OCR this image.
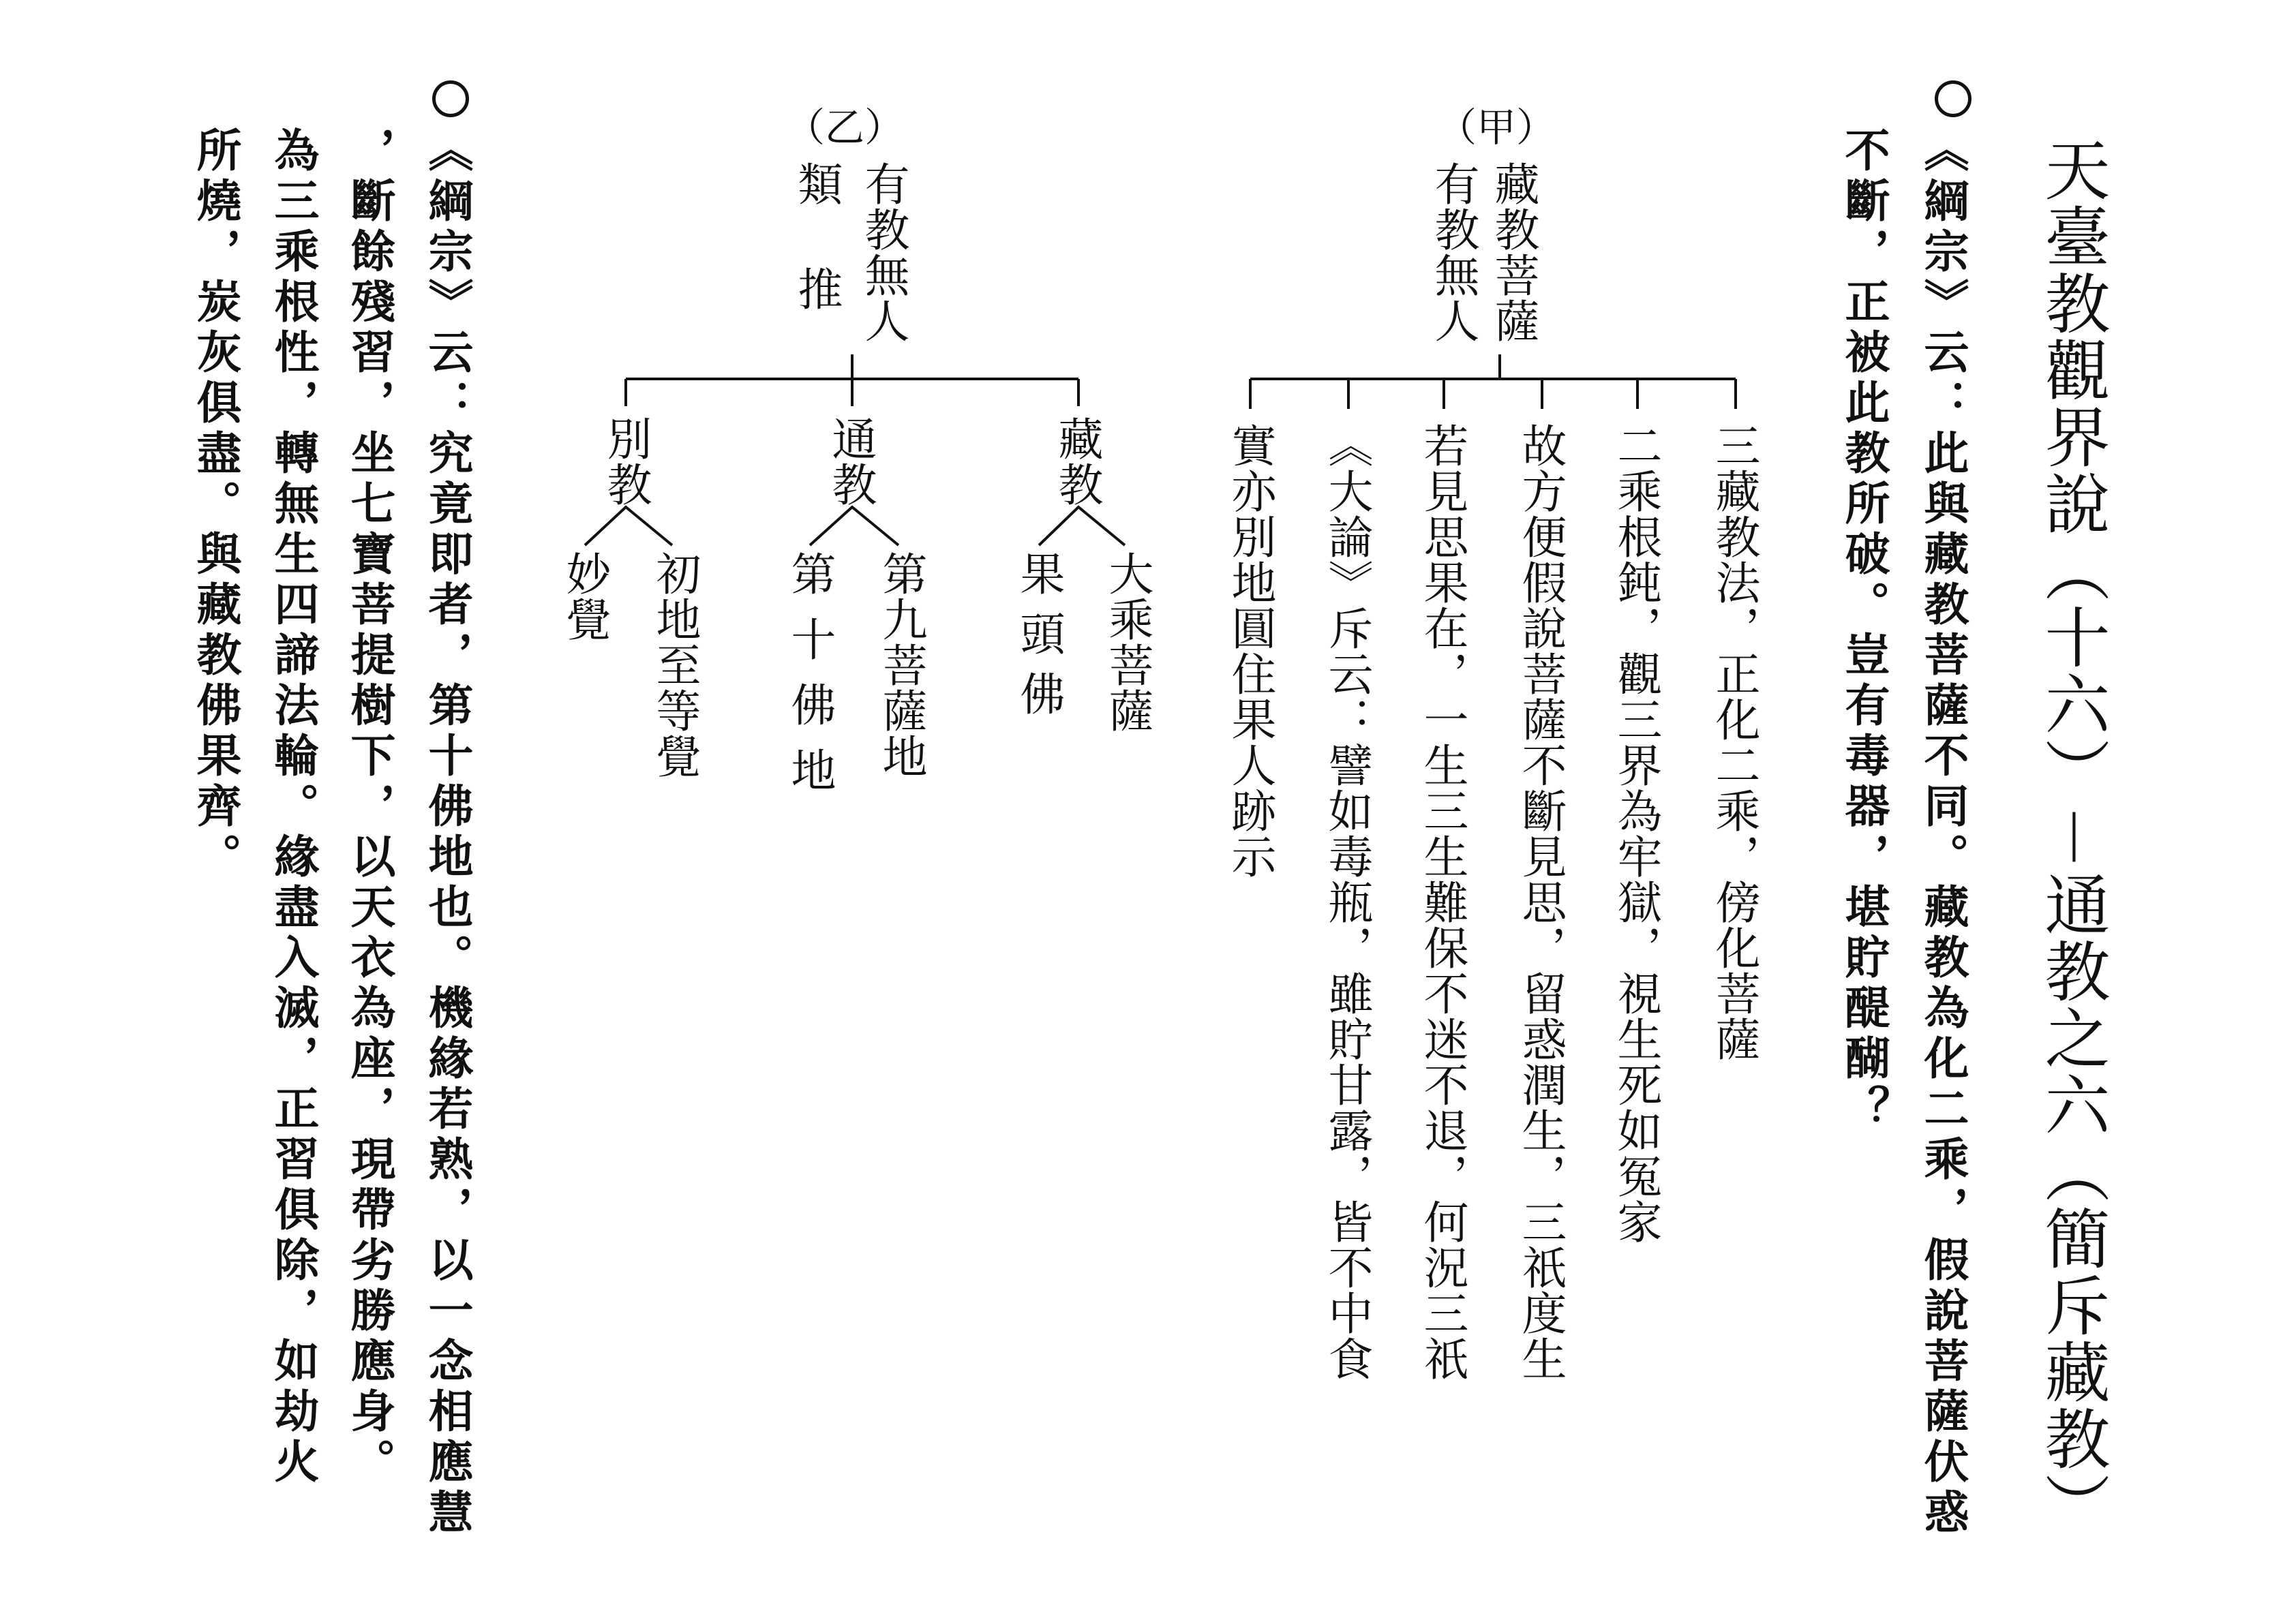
天臺教觀界說（十六）－通教之六（簡斥藏教）
《綱宗》云：此與藏教菩薩不同。藏教為化二乘，假說菩薩伏惑
不斷，正被此教所破。豈有毒器，堪貯醍醐？
（甲）
藏教菩薩
有教無人
三藏教法，正化二乘，傍化菩薩
二乘根鈍，觀三界為牢獄，視生死如冤家
故方便假說菩薩不斷見思，留惑潤生，三祇度生
若見思果在，一生三生難保不迷不退，何況三祇
《大論》斥云：譬如毒瓶，雖貯甘露，皆不中食
實亦別地圓住果人跡示
（乙）
有教無人
類推
藏教
通教
別教
大乘菩薩
果頭佛
第九菩薩地
第十佛地
初地至等覺
妙覺
《綱宗》云：究竟即者，第十佛地也。機緣若熟，以一念相應慧
，斷餘殘習，坐七寶菩提樹下，以天衣為座，現帶劣勝應身。
為三乘根性，轉無生四諦法輪。緣盡入滅，正習俱除，如劫火
所燒，炭灰俱盡。與藏教佛果齊。
